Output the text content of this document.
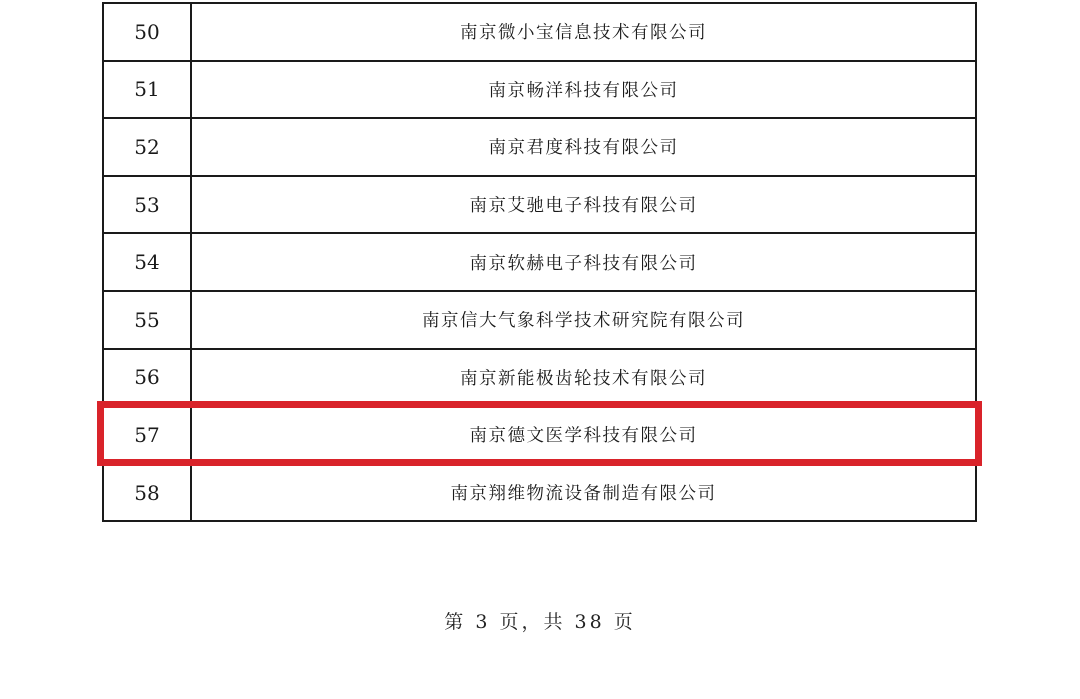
50	南京微小宝信息技术有限公司
51	南京畅洋科技有限公司
52	南京君度科技有限公司
53	南京艾驰电子科技有限公司
54	南京软赫电子科技有限公司
55	南京信大气象科学技术研究院有限公司
56	南京新能极齿轮技术有限公司
57	南京德文医学科技有限公司
58	南京翔维物流设备制造有限公司
第 3 页，共 38 页
